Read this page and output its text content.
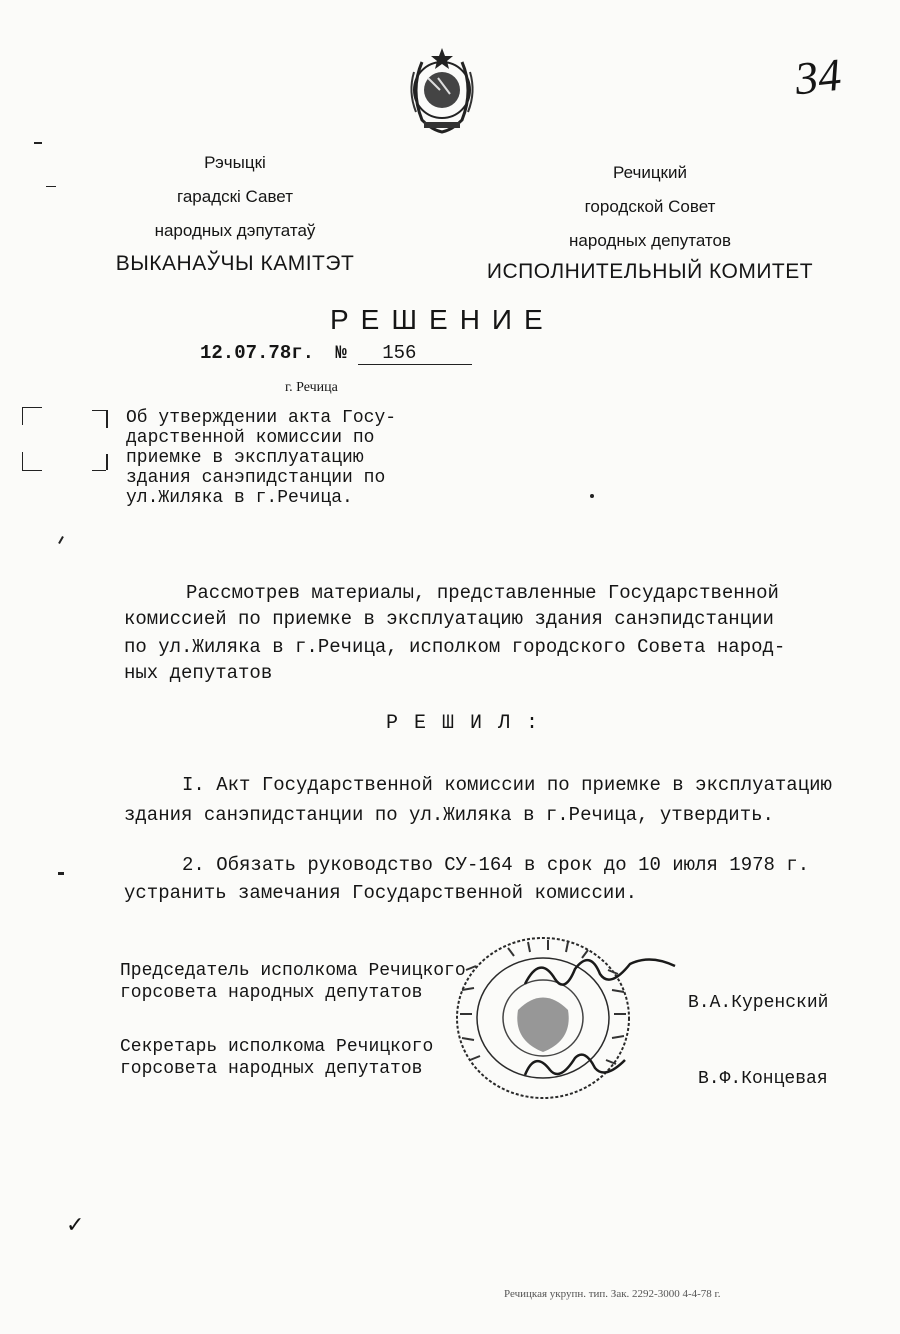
34
Рэчыцкі
гарадскі Савет
народных дэпутатаў
ВЫКАНАЎЧЫ КАМІТЭТ
Речицкий
городской Совет
народных депутатов
ИСПОЛНИТЕЛЬНЫЙ КОМИТЕТ
РЕШЕНИЕ
12.07.78г. № 156
г. Речица
Об утверждении акта Госу-
дарственной комиссии по
приемке в эксплуатацию
здания санэпидстанции по
ул.Жиляка в г.Речица.
Рассмотрев материалы, представленные Государственной
комиссией по приемке в эксплуатацию здания санэпидстанции
по ул.Жиляка в г.Речица, исполком городского Совета народ-
ных депутатов
Р Е Ш И Л :
I. Акт Государственной комиссии по приемке в эксплуатацию
здания санэпидстанции по ул.Жиляка в г.Речица, утвердить.
2. Обязать руководство СУ-164 в срок до 10 июля 1978 г.
устранить замечания Государственной комиссии.
Председатель исполкома Речицкого
горсовета народных депутатов	В.А.Куренский
Секретарь исполкома Речицкого
горсовета народных депутатов	В.Ф.Концевая
✓
Речицкая укрупн. тип. Зак. 2292-3000 4-4-78 г.
